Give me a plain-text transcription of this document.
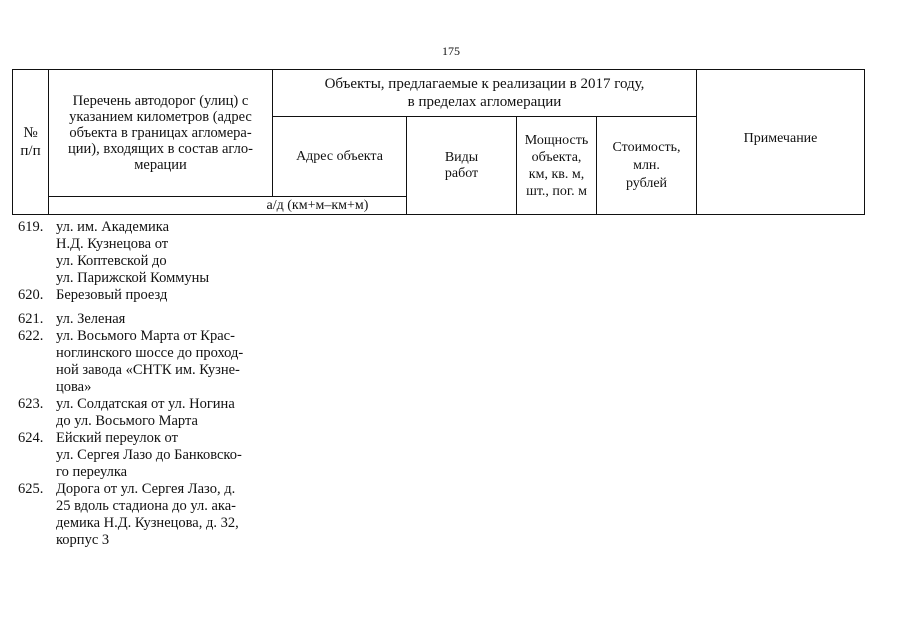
175
№
п/п
Перечень автодорог (улиц) с
указанием километров (адрес
объекта в границах агломера-
ции), входящих в состав агло-
мерации
а/д (км+м–км+м)
Объекты, предлагаемые к реализации в 2017 году,
в пределах агломерации
Адрес объекта	Виды
работ
Мощность
объекта,
км, кв. м,
шт., пог. м
Стоимость,
млн.
рублей
Примечание
619. ул. им. Академика
Н.Д. Кузнецова от
ул. Коптевской до
ул. Парижской Коммуны
620. Березовый проезд
621. ул. Зеленая
622. ул. Восьмого Марта от Крас-
ноглинского шоссе до проход-
ной завода «СНТК им. Кузне-
цова»
623. ул. Солдатская от ул. Ногина
до ул. Восьмого Марта
624. Ейский переулок от
ул. Сергея Лазо до Банковско-
го переулка
625. Дорога от ул. Сергея Лазо, д.
25 вдоль стадиона до ул. ака-
демика Н.Д. Кузнецова, д. 32,
корпус 3
